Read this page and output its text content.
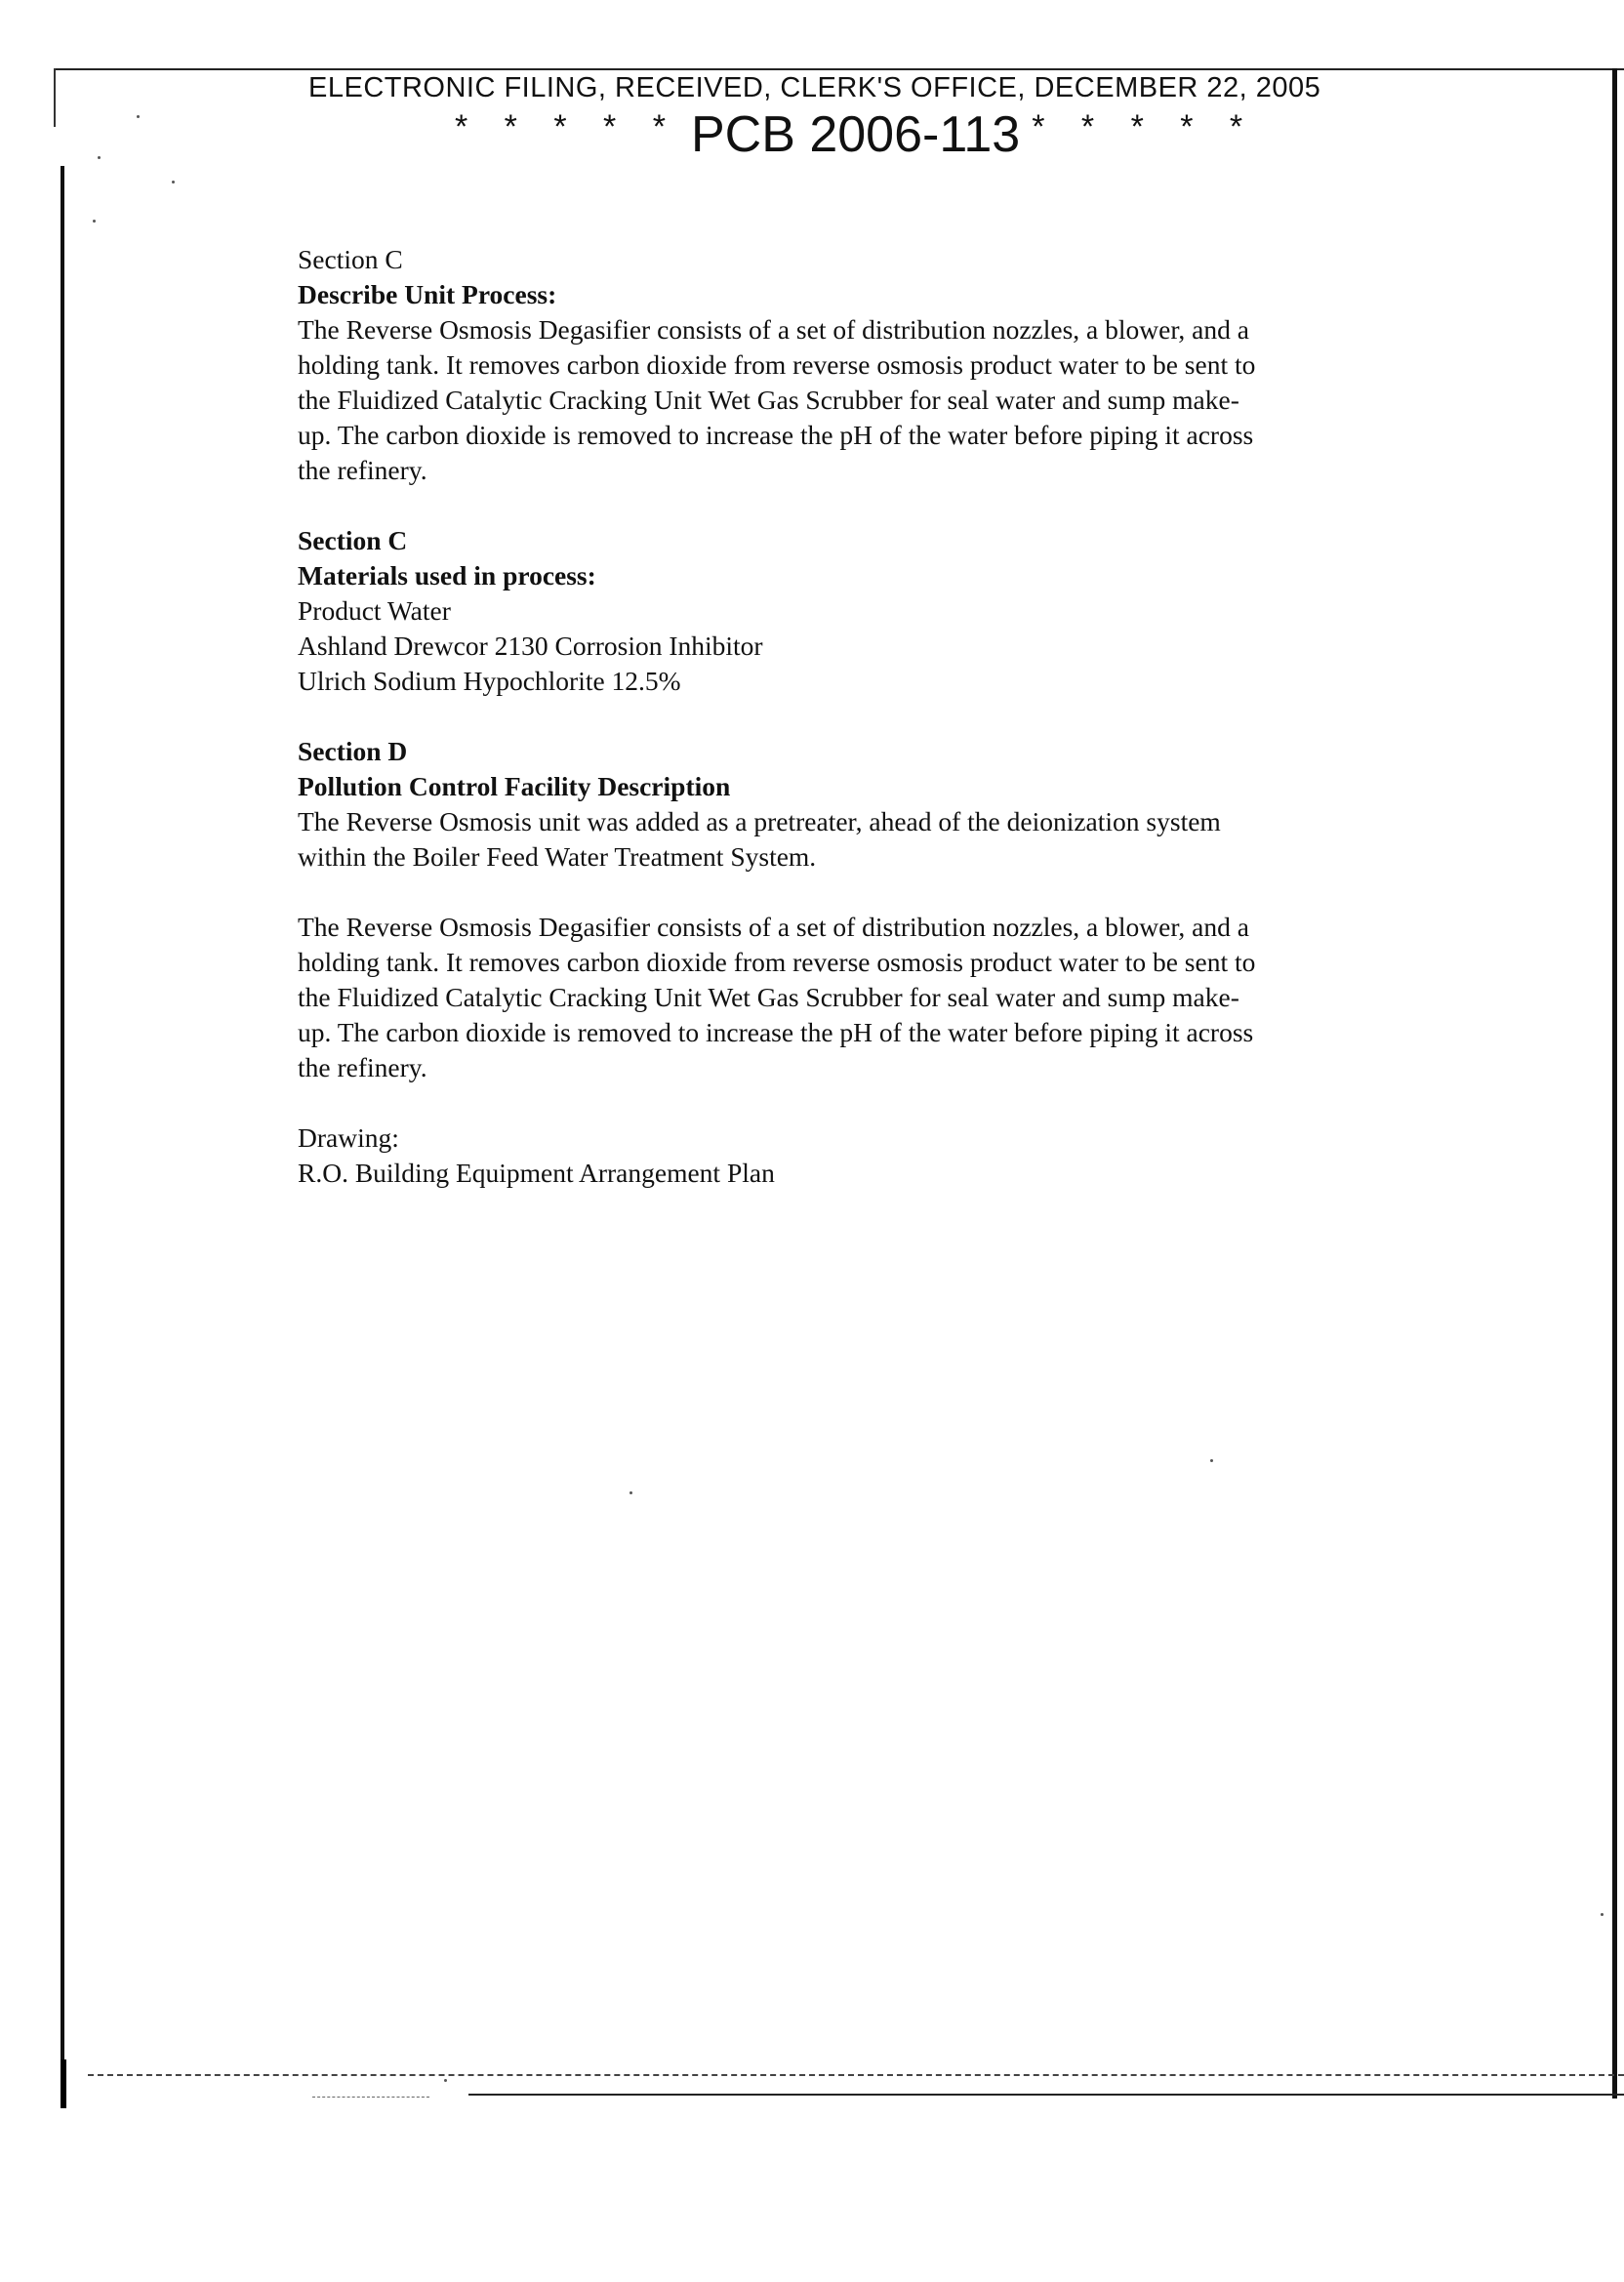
ELECTRONIC FILING, RECEIVED, CLERK'S OFFICE, DECEMBER 22, 2005
* * * * * PCB 2006-113 * * * * *
Section C
Describe Unit Process:
The Reverse Osmosis Degasifier consists of a set of distribution nozzles, a blower, and a
holding tank. It removes carbon dioxide from reverse osmosis product water to be sent to
the Fluidized Catalytic Cracking Unit Wet Gas Scrubber for seal water and sump make-
up. The carbon dioxide is removed to increase the pH of the water before piping it across
the refinery.
Section C
Materials used in process:
Product Water
Ashland Drewcor 2130 Corrosion Inhibitor
Ulrich Sodium Hypochlorite 12.5%
Section D
Pollution Control Facility Description
The Reverse Osmosis unit was added as a pretreater, ahead of the deionization system
within the Boiler Feed Water Treatment System.
The Reverse Osmosis Degasifier consists of a set of distribution nozzles, a blower, and a
holding tank. It removes carbon dioxide from reverse osmosis product water to be sent to
the Fluidized Catalytic Cracking Unit Wet Gas Scrubber for seal water and sump make-
up. The carbon dioxide is removed to increase the pH of the water before piping it across
the refinery.
Drawing:
R.O. Building Equipment Arrangement Plan
